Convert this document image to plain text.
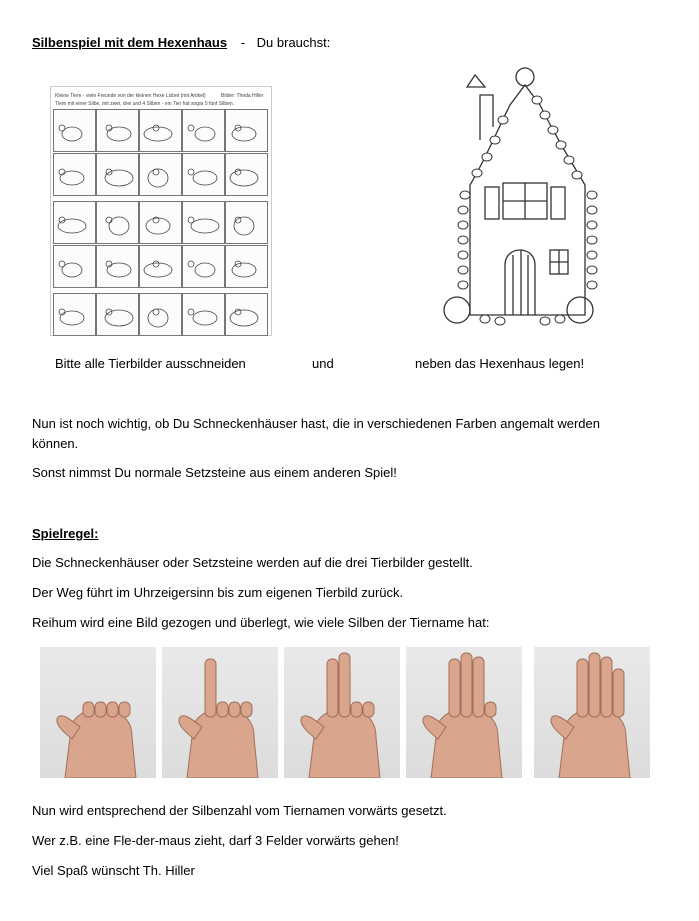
Silbenspiel mit dem Hexenhaus - Du brauchst:
Kleine Tiere - viele Freunde von der kleinen Hexe Lisbet (mit Artikel)	Bilder: Theda Hiller
Tiere mit einer Silbe, mit zwei, drei und 4 Silben - ein Tier hat sogar 5 fünf Silben.
Bitte alle Tierbilder ausschneiden	und	neben das Hexenhaus legen!
Nun ist noch wichtig, ob Du Schneckenhäuser hast, die in verschiedenen Farben angemalt werden
können.
Sonst nimmst Du normale Setzsteine aus einem anderen Spiel!
Spielregel:
Die Schneckenhäuser oder Setzsteine werden auf die drei Tierbilder gestellt.
Der Weg führt im Uhrzeigersinn bis zum eigenen Tierbild zurück.
Reihum wird eine Bild gezogen und überlegt, wie viele Silben der Tiername hat:
Nun wird entsprechend der Silbenzahl vom Tiernamen vorwärts gesetzt.
Wer z.B. eine Fle-der-maus zieht, darf 3 Felder vorwärts gehen!
Viel Spaß wünscht Th. Hiller
